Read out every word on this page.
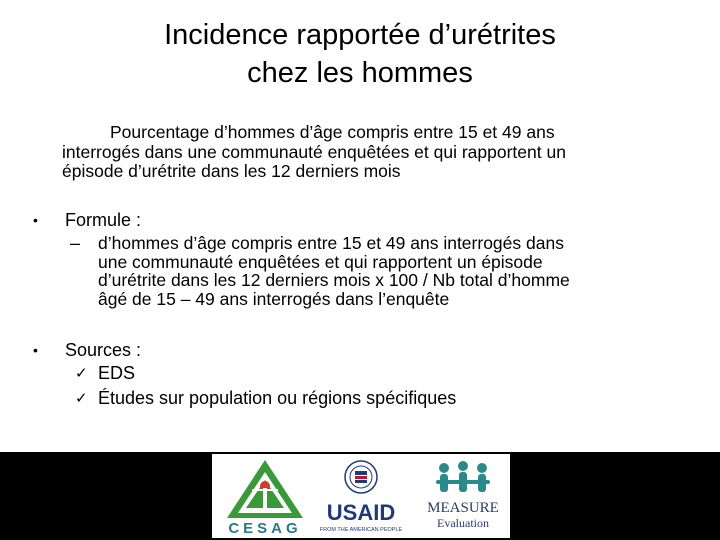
Incidence rapportée d’urétrites
chez les hommes
Pourcentage d’hommes d’âge compris entre 15 et 49 ans
interrogés dans une communauté enquêtées et qui rapportent un
épisode d’urétrite dans les 12 derniers mois
•	Formule :
–	d’hommes d’âge compris entre 15 et 49 ans interrogés dans
une communauté enquêtées et qui rapportent un épisode
d’urétrite dans les 12 derniers mois x 100 / Nb total d’homme
âgé de 15 – 49 ans interrogés dans l’enquête
•	Sources :
✓ EDS
✓ Études sur population ou régions spécifiques
CESAG
USAID
FROM THE AMERICAN PEOPLE
MEASURE
Evaluation
